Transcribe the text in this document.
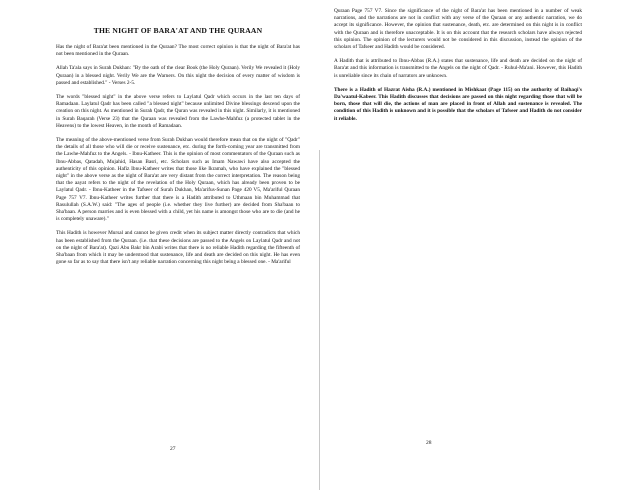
THE NIGHT OF BARA'AT AND THE QURAAN

Has the night of Bara'at been mentioned in the Quraan? The most correct opinion is that the night of Bara'at has not been mentioned in the Quraan.

Allah Ta'ala says in Surah Dukhan: "By the oath of the clear Book (the Holy Quraan). Verily We revealed it (Holy Quraan) in a blessed night. Verily We are the Warners. On this night the decision of every matter of wisdom is passed and established." - Verses 2-5.

The words "blessed night" in the above verse refers to Laylatul Qadr which occurs in the last ten days of Ramadaan. Laylatul Qadr has been called "a blessed night" because unlimited Divine blessings descend upon the creation on this night. As mentioned in Surah Qadr, the Quran was revealed in this night. Similarly, it is mentioned in Surah Baqarah (Verse 23) that the Quraan was revealed from the Lawhe-Mahfuz (a protected tablet in the Heavens) to the lowest Heaven, in the month of Ramadaan.

The meaning of the above-mentioned verse from Surah Dukhan would therefore mean that on the night of "Qadr" the details of all those who will die or receive sustenance, etc. during the forth-coming year are transmitted from the Lawhe-Mahfuz to the Angels. - Ibnu-Katheer. This is the opinion of most commentators of the Quraan such as Ibnu-Abbas, Qatadah, Mujahid, Hasan Basri, etc. Scholars such as Imam Nawawi have also accepted the authenticity of this opinion. Hafiz Ibnu-Katheer writes that those like Ikramah, who have explained the "blessed night" in the above verse as the night of Bara'at are very distant from the correct interpretation. The reason being that the aayat refers to the night of the revelation of the Holy Quraan, which has already been proven to be Laylatul Qadr. - Ibnu-Katheer in the Tafseer of Surah Dukhan, Ma'arifus-Sunan Page 420 V5, Ma'ariful Quraan Page 757 V7. Ibnu-Katheer writes further that there is a Hadith attributed to Uthmaan bin Muhammad that Rasulullah (S.A.W.) said: "The ages of people (i.e. whether they live further) are decided from Sha'baan to Sha'baan. A person marries and is even blessed with a child, yet his name is amongst those who are to die (and he is completely unaware)."

This Hadith is however Mursal and cannot be given credit when its subject matter directly contradicts that which has been established from the Quraan. (i.e. that these decisions are passed to the Angels on Laylatul Qadr and not on the night of Bara'at). Qazi Abu Bakr bin Arabi writes that there is no reliable Hadith regarding the fifteenth of Sha'baan from which it may be understood that sustenance, life and death are decided on this night. He has even gone so far as to say that there isn't any reliable narration concerning this night being a blessed one. - Ma'ariful

27

Quraan Page 757 V7. Since the significance of the night of Bara'at has been mentioned in a number of weak narrations, and the narrations are not in conflict with any verse of the Quraan or any authentic narration, we do accept its significance. However, the opinion that sustenance, death, etc. are determined on this night is in conflict with the Quraan and is therefore unacceptable. It is on this account that the research scholars have always rejected this opinion. The opinion of the lecturers would not be considered in this discussion, instead the opinion of the scholars of Tafseer and Hadith would be considered.

A Hadith that is attributed to Ibnu-Abbas (R.A.) states that sustenance, life and death are decided on the night of Bara'at and this information is transmitted to the Angels on the night of Qadr. - Ruhul-Ma'ani. However, this Hadith is unreliable since its chain of narrators are unknown.

There is a Hadith of Hazrat Aisha (R.A.) mentioned in Mishkaat (Page 115) on the authority of Baihaqi's Da'waatul-Kabeer. This Hadith discusses that decisions are passed on this night regarding those that will be born, those that will die, the actions of man are placed in front of Allah and sustenance is revealed. The condition of this Hadith is unknown and it is possible that the scholars of Tafseer and Hadith do not consider it reliable.

28
